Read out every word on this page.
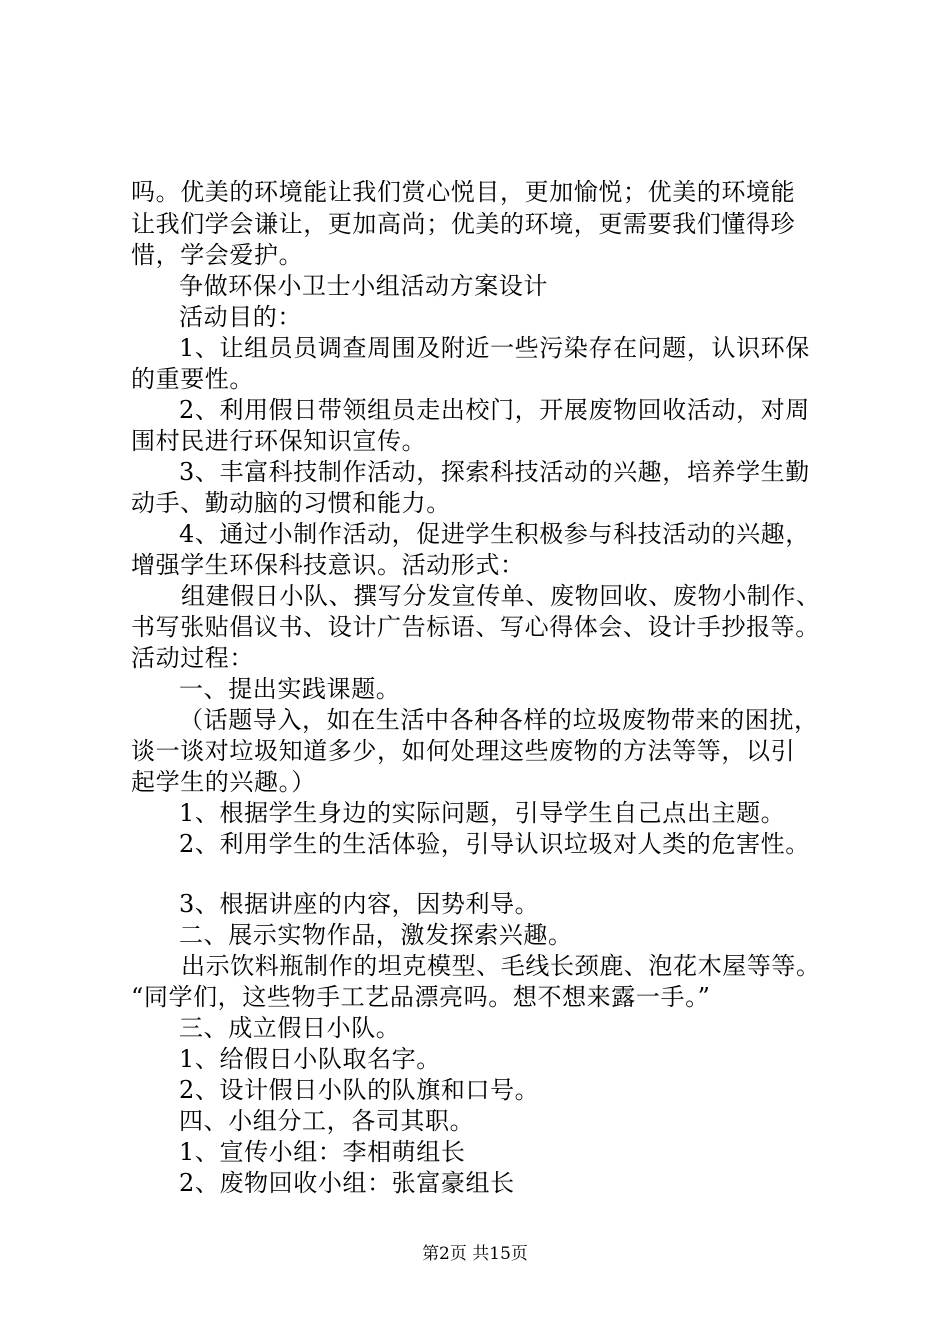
吗。优美的环境能让我们赏心悦目，更加愉悦；优美的环境能
让我们学会谦让，更加高尚；优美的环境，更需要我们懂得珍
惜，学会爱护。
争做环保小卫士小组活动方案设计
活动目的：
1、让组员员调查周围及附近一些污染存在问题，认识环保
的重要性。
2、利用假日带领组员走出校门，开展废物回收活动，对周
围村民进行环保知识宣传。
3、丰富科技制作活动，探索科技活动的兴趣，培养学生勤
动手、勤动脑的习惯和能力。
4、通过小制作活动，促进学生积极参与科技活动的兴趣，
增强学生环保科技意识。活动形式：
组建假日小队、撰写分发宣传单、废物回收、废物小制作、
书写张贴倡议书、设计广告标语、写心得体会、设计手抄报等。
活动过程：
一、提出实践课题。
（话题导入，如在生活中各种各样的垃圾废物带来的困扰，
谈一谈对垃圾知道多少，如何处理这些废物的方法等等，以引
起学生的兴趣。）
1、根据学生身边的实际问题，引导学生自己点出主题。
2、利用学生的生活体验，引导认识垃圾对人类的危害性。
3、根据讲座的内容，因势利导。
二、展示实物作品，激发探索兴趣。
出示饮料瓶制作的坦克模型、毛线长颈鹿、泡花木屋等等。
“同学们，这些物手工艺品漂亮吗。想不想来露一手。”
三、成立假日小队。
1、给假日小队取名字。
2、设计假日小队的队旗和口号。
四、小组分工，各司其职。
1、宣传小组：李相萌组长
2、废物回收小组：张富豪组长
第2页 共15页
